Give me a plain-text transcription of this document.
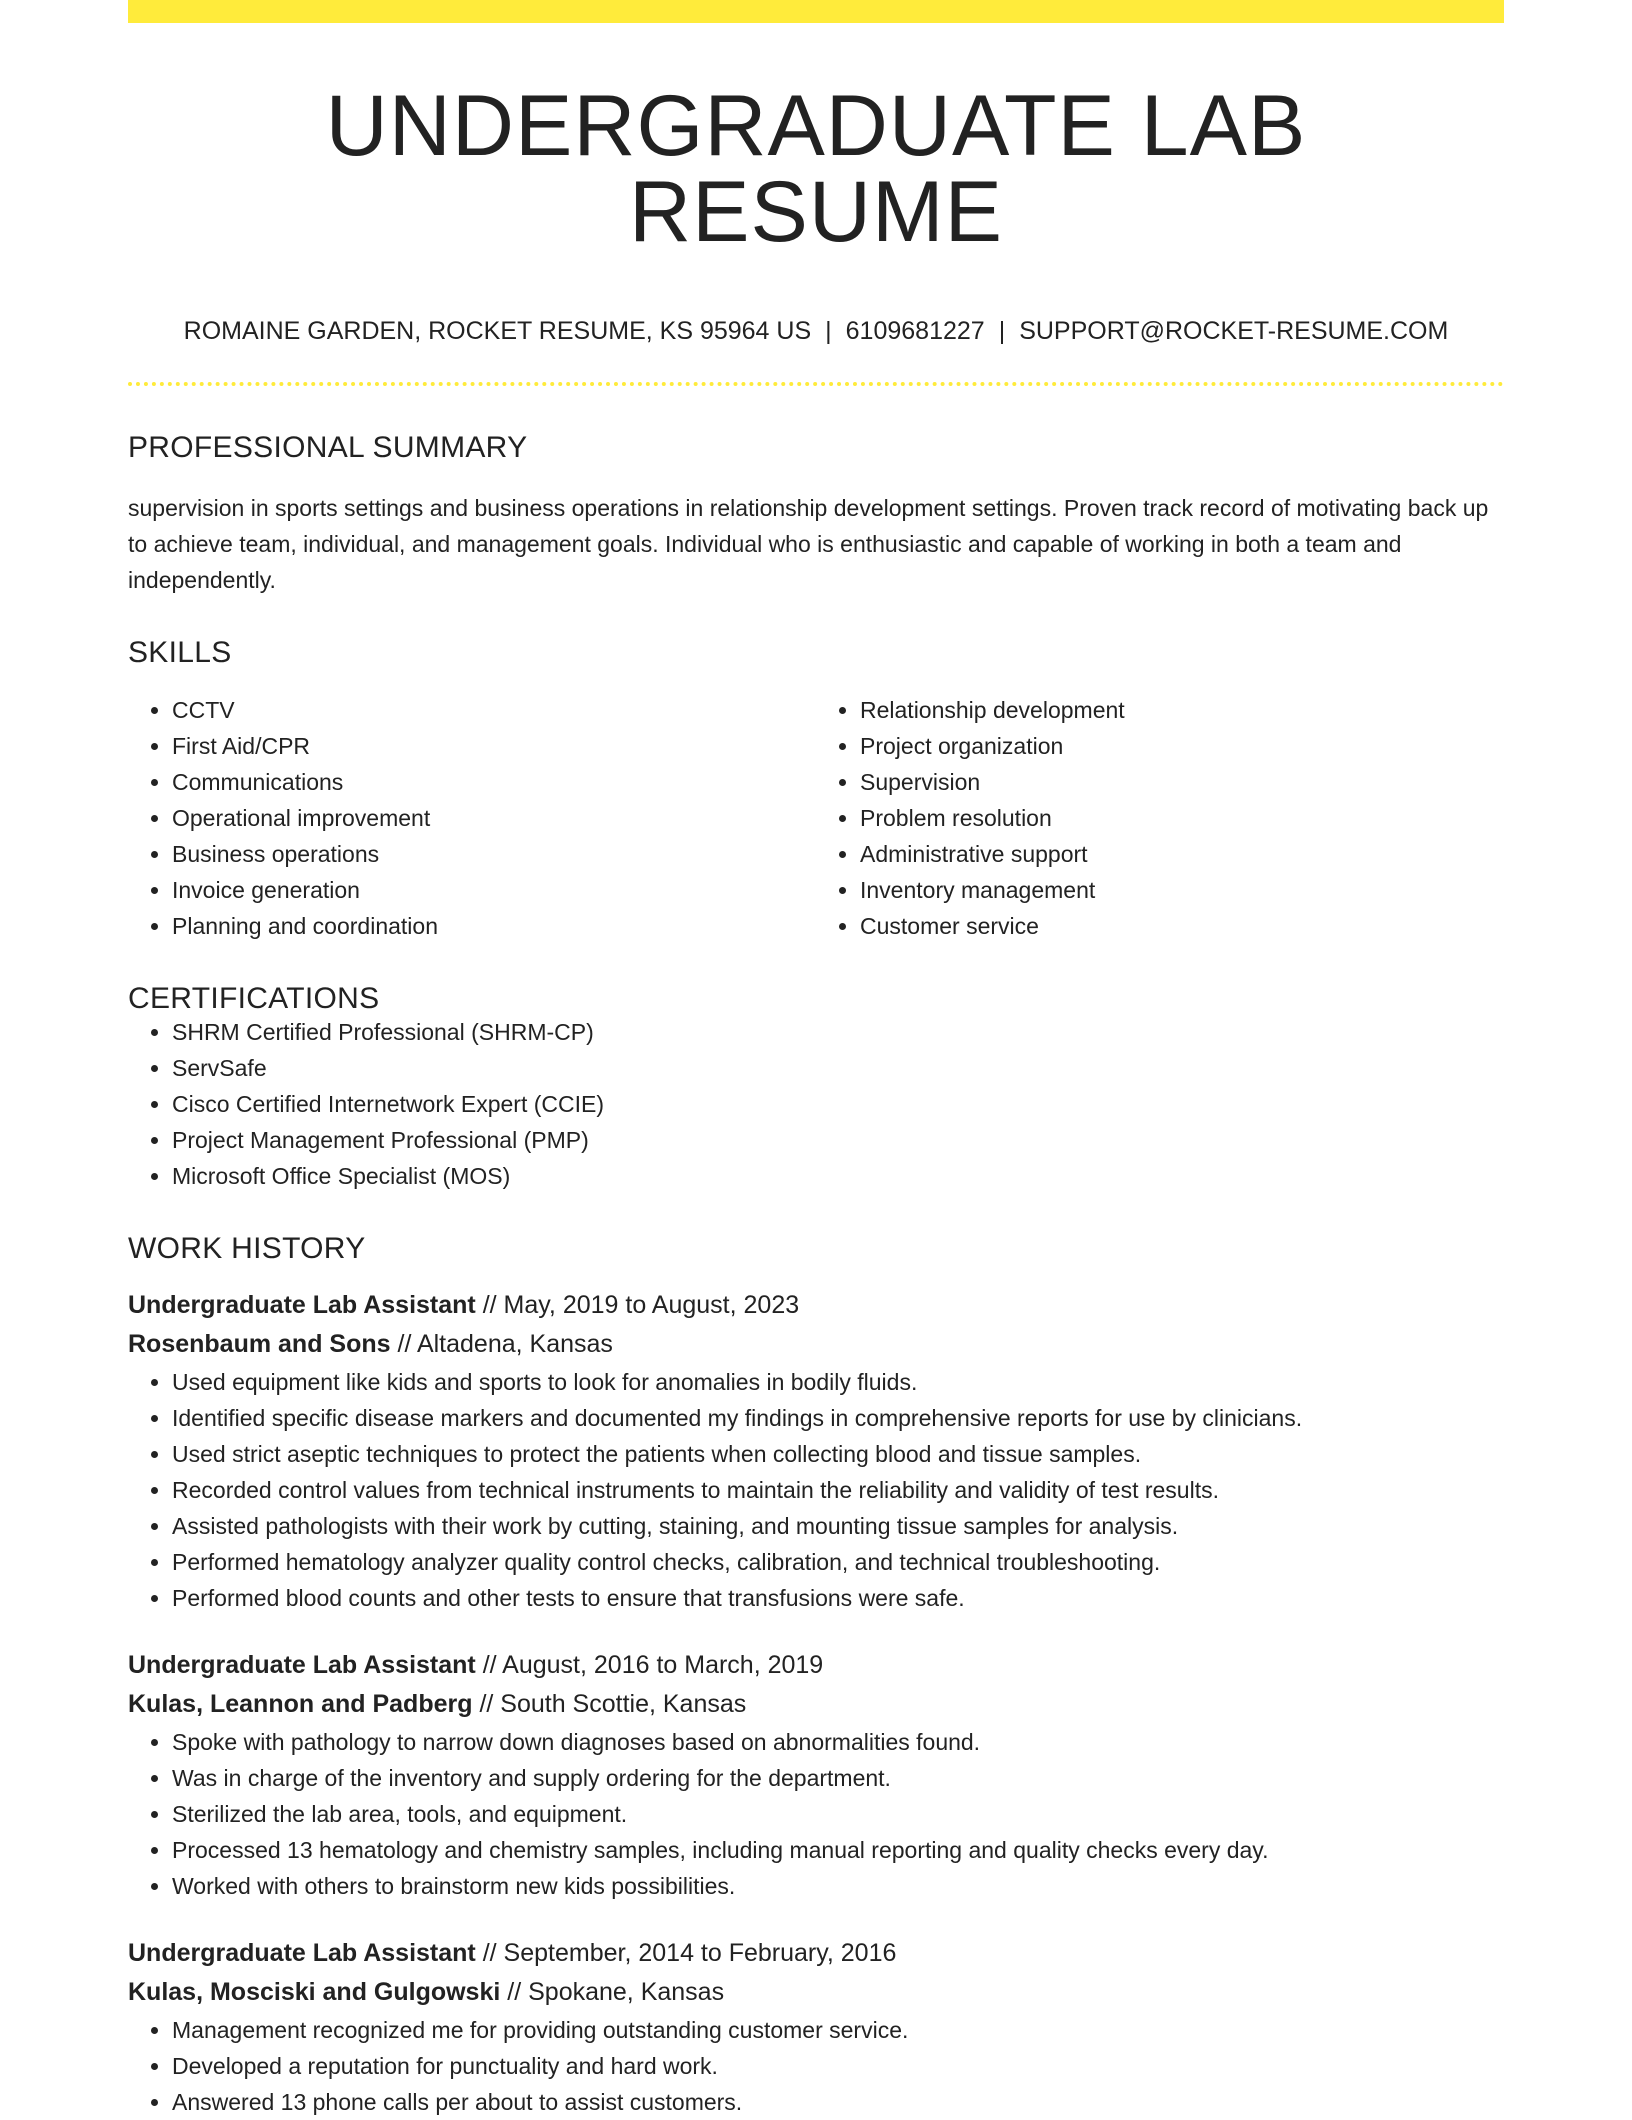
UNDERGRADUATE LAB RESUME
ROMAINE GARDEN, ROCKET RESUME, KS 95964 US | 6109681227 | SUPPORT@ROCKET-RESUME.COM
PROFESSIONAL SUMMARY

supervision in sports settings and business operations in relationship development settings. Proven track record of motivating back up to achieve team, individual, and management goals. Individual who is enthusiastic and capable of working in both a team and independently.

SKILLS
• CCTV
• First Aid/CPR
• Communications
• Operational improvement
• Business operations
• Invoice generation
• Planning and coordination
• Relationship development
• Project organization
• Supervision
• Problem resolution
• Administrative support
• Inventory management
• Customer service
CERTIFICATIONS
• SHRM Certified Professional (SHRM-CP)
• ServSafe
• Cisco Certified Internetwork Expert (CCIE)
• Project Management Professional (PMP)
• Microsoft Office Specialist (MOS)
WORK HISTORY
Undergraduate Lab Assistant // May, 2019 to August, 2023
Rosenbaum and Sons // Altadena, Kansas
• Used equipment like kids and sports to look for anomalies in bodily fluids.
• Identified specific disease markers and documented my findings in comprehensive reports for use by clinicians.
• Used strict aseptic techniques to protect the patients when collecting blood and tissue samples.
• Recorded control values from technical instruments to maintain the reliability and validity of test results.
• Assisted pathologists with their work by cutting, staining, and mounting tissue samples for analysis.
• Performed hematology analyzer quality control checks, calibration, and technical troubleshooting.
• Performed blood counts and other tests to ensure that transfusions were safe.
Undergraduate Lab Assistant // August, 2016 to March, 2019
Kulas, Leannon and Padberg // South Scottie, Kansas
• Spoke with pathology to narrow down diagnoses based on abnormalities found.
• Was in charge of the inventory and supply ordering for the department.
• Sterilized the lab area, tools, and equipment.
• Processed 13 hematology and chemistry samples, including manual reporting and quality checks every day.
• Worked with others to brainstorm new kids possibilities.
Undergraduate Lab Assistant // September, 2014 to February, 2016
Kulas, Mosciski and Gulgowski // Spokane, Kansas
• Management recognized me for providing outstanding customer service.
• Developed a reputation for punctuality and hard work.
• Answered 13 phone calls per about to assist customers.
